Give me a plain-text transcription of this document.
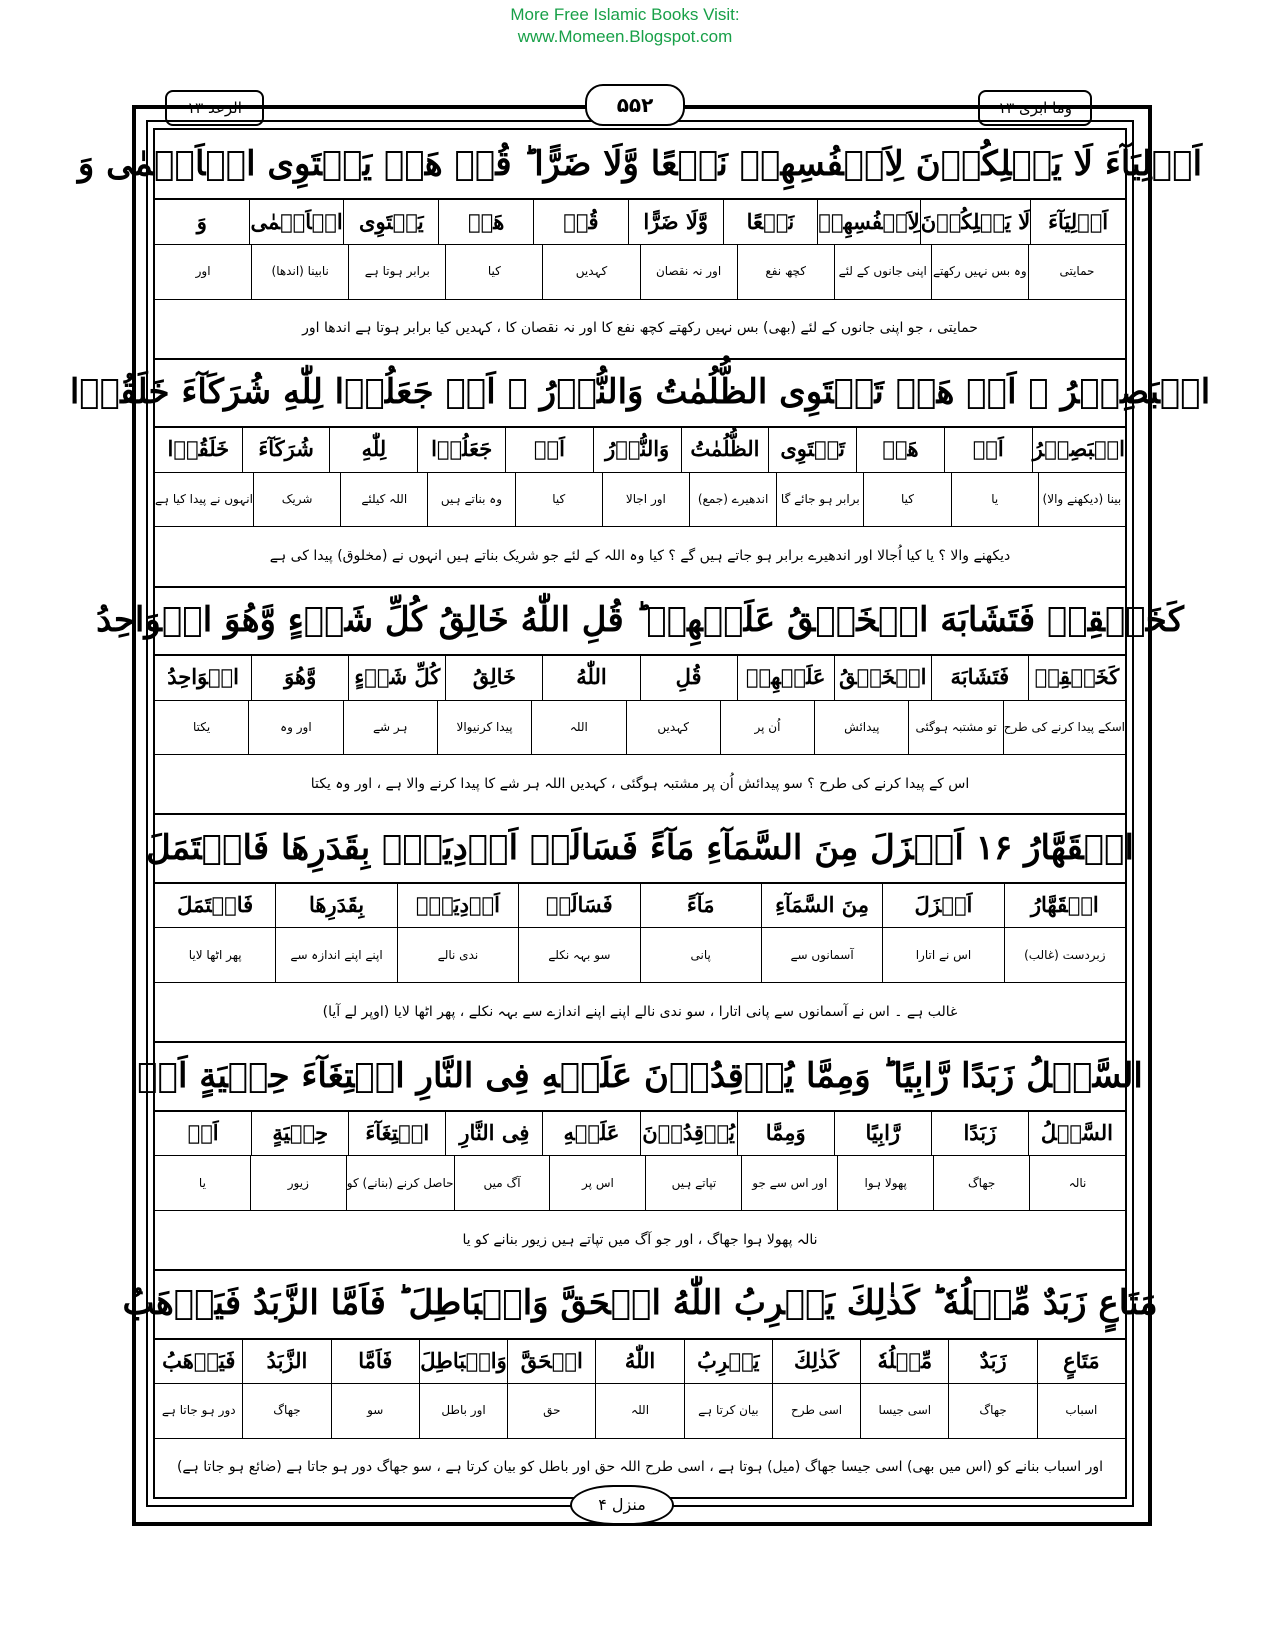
More Free Islamic Books Visit:
www.Momeen.Blogspot.com
الرعد ۱۳	وما ابری ۱۳
۵۵۲
اَوۡلِيَآءَ لَا يَمۡلِكُوۡنَ لِاَنۡفُسِهِمۡ نَفۡعًا وَّلَا ضَرًّا ؕ قُلۡ هَلۡ يَسۡتَوِى الۡاَعۡمٰى وَ
اَوۡلِيَآءَ
لَا يَمۡلِكُوۡنَ
لِاَنۡفُسِهِمۡ
نَفۡعًا
وَّلَا ضَرًّا
قُلۡ
هَلۡ
يَسۡتَوِى
الۡاَعۡمٰى
وَ
حمایتی
وہ بس نہیں رکھتے
اپنی جانوں کے لئے
کچھ نفع
اور نہ نقصان
کہدیں
کیا
برابر ہوتا ہے
نابینا (اندھا)
اور
حمایتی ، جو اپنی جانوں کے لئے (بھی) بس نہیں رکھتے کچھ نفع کا اور نہ نقصان کا ، کہدیں کیا برابر ہوتا ہے اندھا اور
الۡبَصِيۡرُ ۙ اَمۡ هَلۡ تَسۡتَوِى الظُّلُمٰتُ وَالنُّوۡرُ ۚ اَمۡ جَعَلُوۡا لِلّٰهِ شُرَكَآءَ خَلَقُوۡا
الۡبَصِيۡرُ
اَمۡ
هَلۡ
تَسۡتَوِى
الظُّلُمٰتُ
وَالنُّوۡرُ
اَمۡ
جَعَلُوۡا
لِلّٰهِ
شُرَكَآءَ
خَلَقُوۡا
بینا (دیکھنے والا)
یا
کیا
برابر ہو جائے گا
اندھیرے (جمع)
اور اجالا
کیا
وہ بناتے ہیں
اللہ کیلئے
شریک
انہوں نے پیدا کیا ہے
دیکھنے والا ؟ یا کیا اُجالا اور اندھیرے برابر ہو جاتے ہیں گے ؟ کیا وہ اللہ کے لئے جو شریک بناتے ہیں انہوں نے (مخلوق) پیدا کی ہے
كَخَلۡقِهٖ فَتَشَابَهَ الۡخَلۡقُ عَلَيۡهِمۡ ؕ قُلِ اللّٰهُ خَالِقُ كُلِّ شَىۡءٍ وَّهُوَ الۡوَاحِدُ
كَخَلۡقِهٖ
فَتَشَابَهَ
الۡخَلۡقُ
عَلَيۡهِمۡ
قُلِ
اللّٰهُ
خَالِقُ
كُلِّ شَىۡءٍ
وَّهُوَ
الۡوَاحِدُ
اسکے پیدا کرنے کی طرح
تو مشتبہ ہوگئی
پیدائش
اُن پر
کہدیں
اللہ
پیدا کرنیوالا
ہر شے
اور وہ
یکتا
اس کے پیدا کرنے کی طرح ؟ سو پیدائش اُن پر مشتبہ ہوگئی ، کہدیں اللہ ہر شے کا پیدا کرنے والا ہے ، اور وہ یکتا
الۡقَهَّارُ ۱۶ اَنۡزَلَ مِنَ السَّمَآءِ مَآءً فَسَالَتۡ اَوۡدِيَةٌۢ بِقَدَرِهَا فَاحۡتَمَلَ
الۡقَهَّارُ
اَنۡزَلَ
مِنَ السَّمَآءِ
مَآءً
فَسَالَتۡ
اَوۡدِيَةٌۢ
بِقَدَرِهَا
فَاحۡتَمَلَ
زبردست (غالب)
اس نے اتارا
آسمانوں سے
پانی
سو بہہ نکلے
ندی نالے
اپنے اپنے اندازہ سے
پھر اٹھا لایا
غالب ہے ۔ اس نے آسمانوں سے پانی اتارا ، سو ندی نالے اپنے اپنے اندازے سے بہہ نکلے ، پھر اٹھا لایا (اوپر لے آیا)
السَّيۡلُ زَبَدًا رَّابِيًا ؕ وَمِمَّا يُوۡقِدُوۡنَ عَلَيۡهِ فِى النَّارِ ابۡتِغَآءَ حِلۡيَةٍ اَوۡ
السَّيۡلُ
زَبَدًا
رَّابِيًا
وَمِمَّا
يُوۡقِدُوۡنَ
عَلَيۡهِ
فِى النَّارِ
ابۡتِغَآءَ
حِلۡيَةٍ
اَوۡ
نالہ
جھاگ
پھولا ہوا
اور اس سے جو
تپاتے ہیں
اس پر
آگ میں
حاصل کرنے (بنانے) کو
زیور
یا
نالہ پھولا ہوا جھاگ ، اور جو آگ میں تپاتے ہیں زیور بنانے کو یا
مَتَاعٍ زَبَدٌ مِّثۡلُهٗ ؕ كَذٰلِكَ يَضۡرِبُ اللّٰهُ الۡحَقَّ وَالۡبَاطِلَ ؕ فَاَمَّا الزَّبَدُ فَيَذۡهَبُ
مَتَاعٍ
زَبَدٌ
مِّثۡلُهٗ
كَذٰلِكَ
يَضۡرِبُ
اللّٰهُ
الۡحَقَّ
وَالۡبَاطِلَ
فَاَمَّا
الزَّبَدُ
فَيَذۡهَبُ
اسباب
جھاگ
اسی جیسا
اسی طرح
بیان کرتا ہے
اللہ
حق
اور باطل
سو
جھاگ
دور ہو جاتا ہے
اور اسباب بنانے کو (اس میں بھی) اسی جیسا جھاگ (میل) ہوتا ہے ، اسی طرح اللہ حق اور باطل کو بیان کرتا ہے ، سو جھاگ دور ہو جاتا ہے (ضائع ہو جاتا ہے)
منزل ۴
